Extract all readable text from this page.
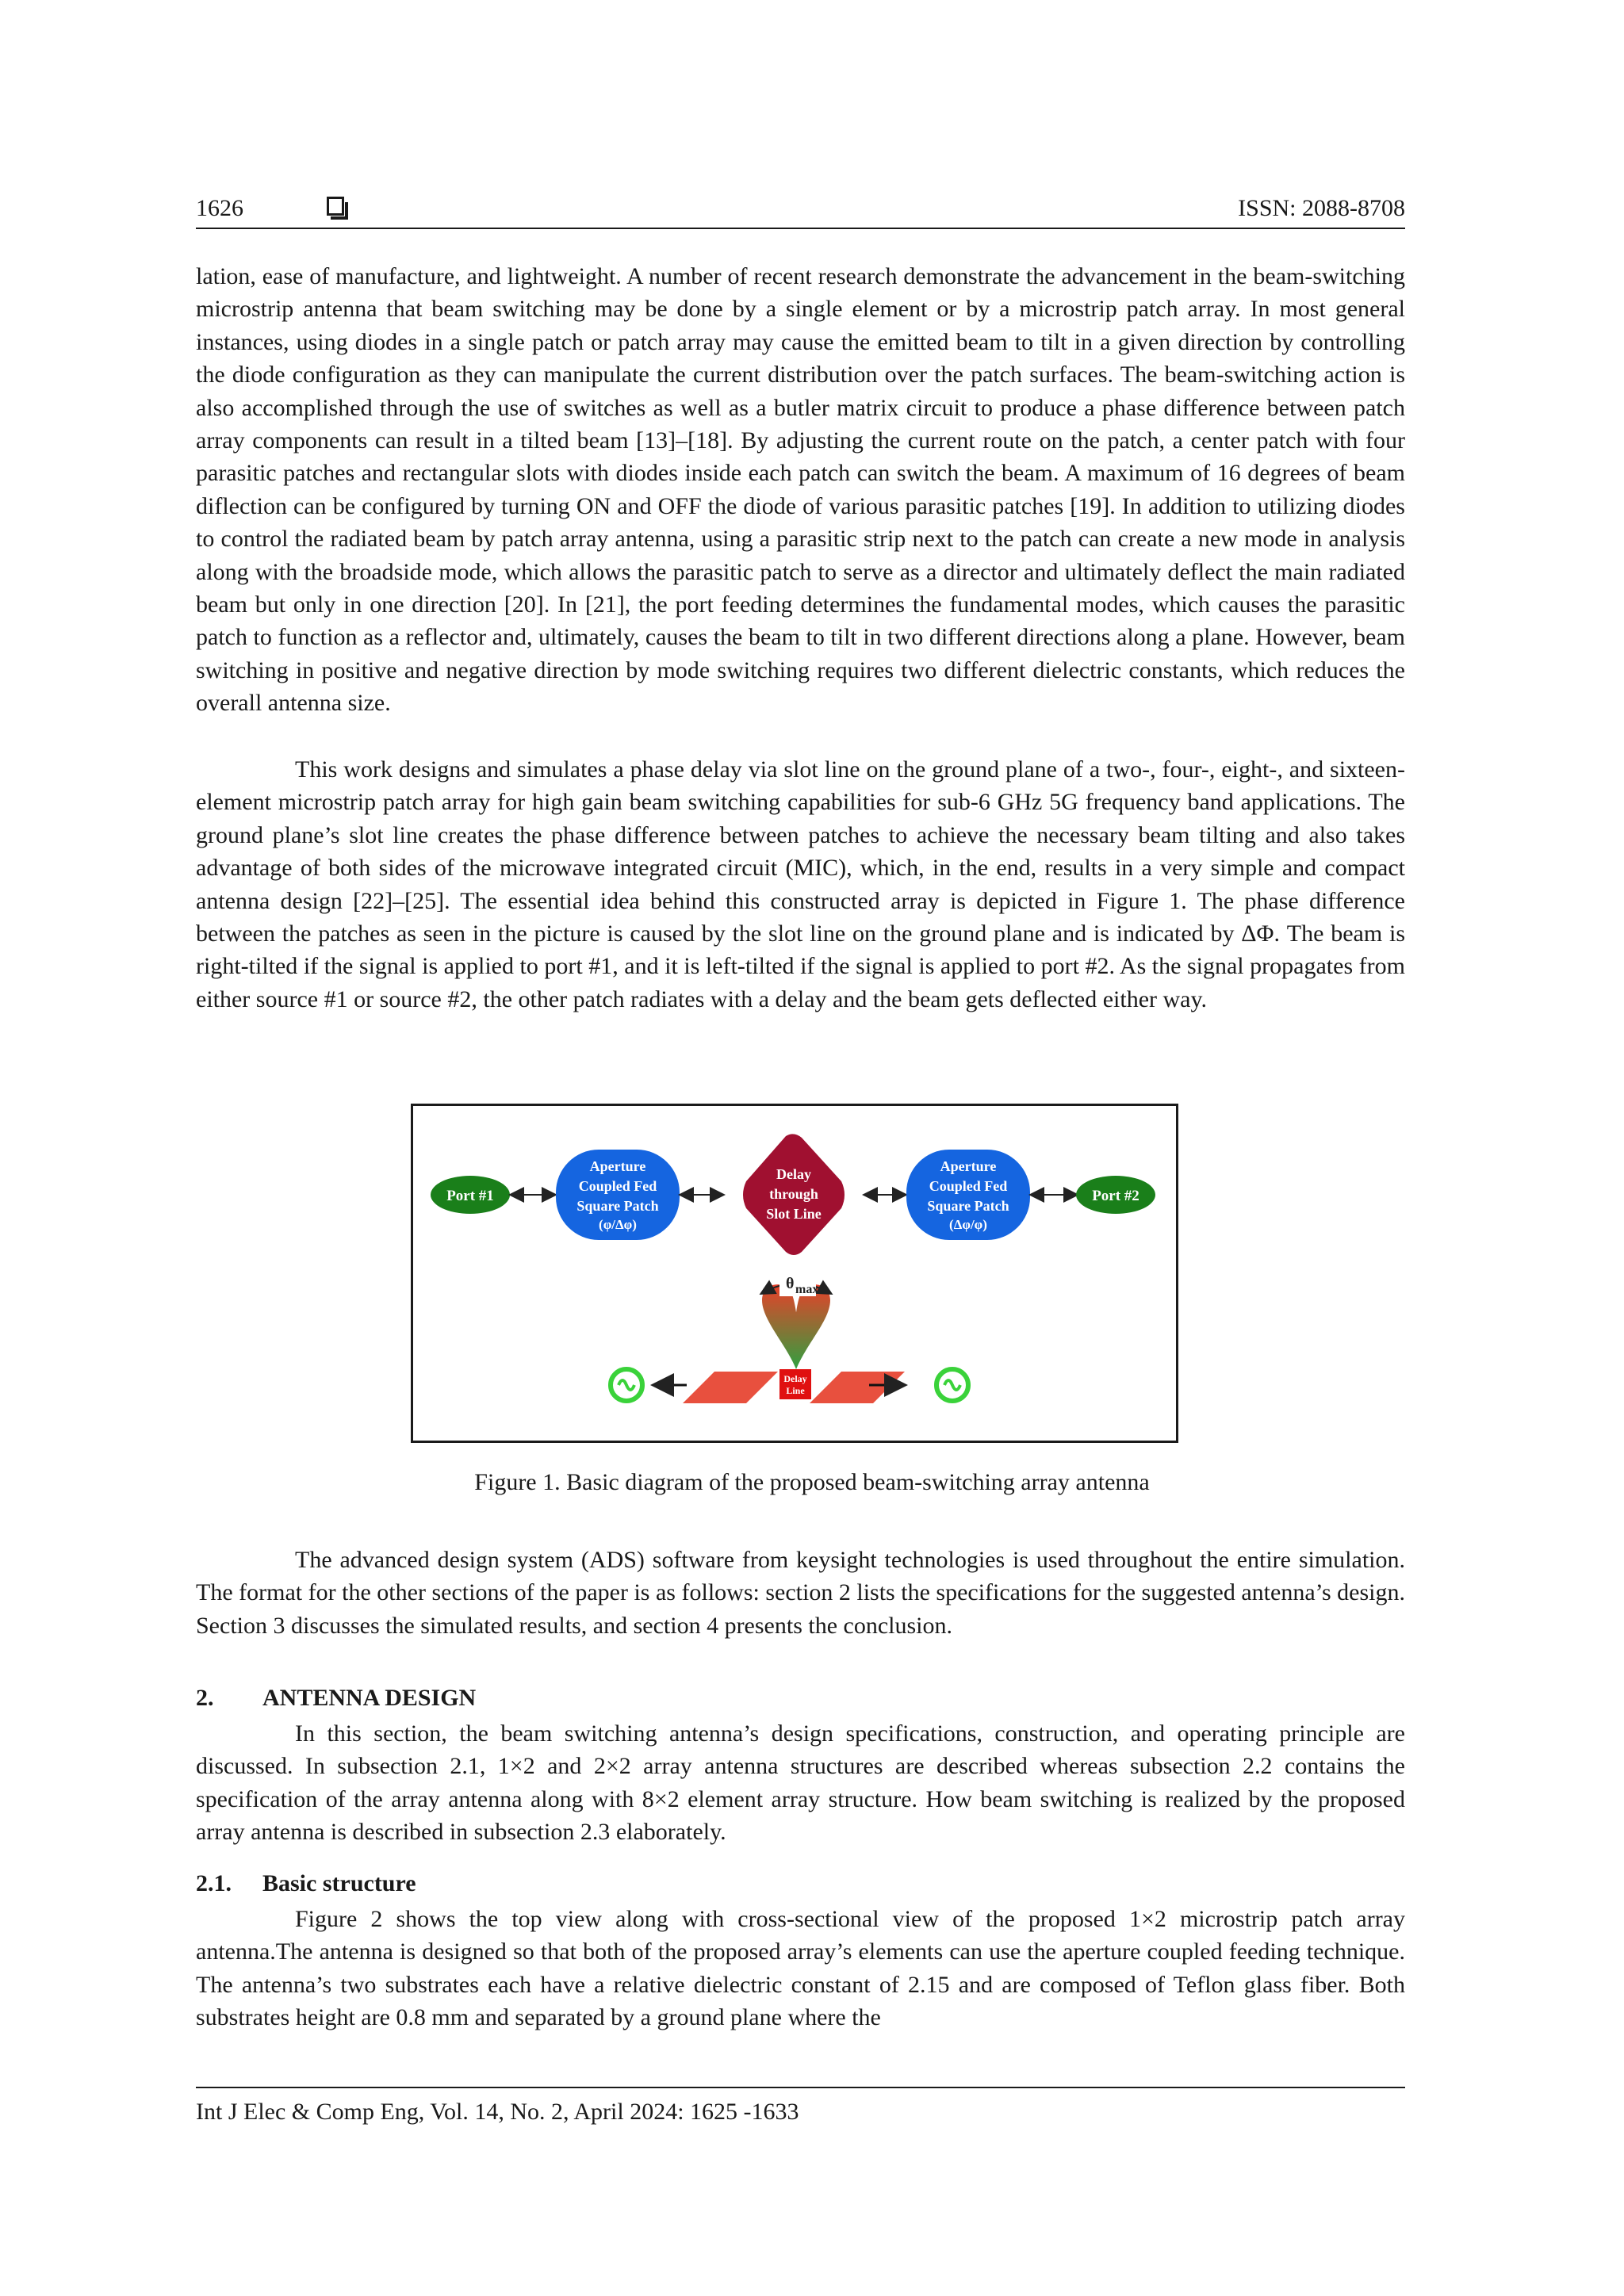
1626	ISSN: 2088-8708

lation, ease of manufacture, and lightweight. A number of recent research demonstrate the advancement in the beam-switching microstrip antenna that beam switching may be done by a single element or by a microstrip patch array. In most general instances, using diodes in a single patch or patch array may cause the emitted beam to tilt in a given direction by controlling the diode configuration as they can manipulate the current distribution over the patch surfaces. The beam-switching action is also accomplished through the use of switches as well as a butler matrix circuit to produce a phase difference between patch array components can result in a tilted beam [13]–[18]. By adjusting the current route on the patch, a center patch with four parasitic patches and rectangular slots with diodes inside each patch can switch the beam. A maximum of 16 degrees of beam diflection can be configured by turning ON and OFF the diode of various parasitic patches [19]. In addition to utilizing diodes to control the radiated beam by patch array antenna, using a parasitic strip next to the patch can create a new mode in analysis along with the broadside mode, which allows the parasitic patch to serve as a director and ultimately deflect the main radiated beam but only in one direction [20]. In [21], the port feeding determines the fundamental modes, which causes the parasitic patch to function as a reflector and, ultimately, causes the beam to tilt in two different directions along a plane. However, beam switching in positive and negative direction by mode switching requires two different dielectric constants, which reduces the overall antenna size.

This work designs and simulates a phase delay via slot line on the ground plane of a two-, four-, eight-, and sixteen-element microstrip patch array for high gain beam switching capabilities for sub-6 GHz 5G frequency band applications. The ground plane’s slot line creates the phase difference between patches to achieve the necessary beam tilting and also takes advantage of both sides of the microwave integrated circuit (MIC), which, in the end, results in a very simple and compact antenna design [22]–[25]. The essential idea behind this constructed array is depicted in Figure 1. The phase difference between the patches as seen in the picture is caused by the slot line on the ground plane and is indicated by ΔΦ. The beam is right-tilted if the signal is applied to port #1, and it is left-tilted if the signal is applied to port #2. As the signal propagates from either source #1 or source #2, the other patch radiates with a delay and the beam gets deflected either way.

Port #1
Aperture
Coupled Fed
Square Patch
(φ/Δφ)
Delay
through
Slot Line
Aperture
Coupled Fed
Square Patch
(Δφ/φ)
Port #2
θ max
Delay
Line

Figure 1. Basic diagram of the proposed beam-switching array antenna

The advanced design system (ADS) software from keysight technologies is used throughout the entire simulation. The format for the other sections of the paper is as follows: section 2 lists the specifications for the suggested antenna’s design. Section 3 discusses the simulated results, and section 4 presents the conclusion.

2. ANTENNA DESIGN

In this section, the beam switching antenna’s design specifications, construction, and operating principle are discussed. In subsection 2.1, 1×2 and 2×2 array antenna structures are described whereas subsection 2.2 contains the specification of the array antenna along with 8×2 element array structure. How beam switching is realized by the proposed array antenna is described in subsection 2.3 elaborately.

2.1. Basic structure

Figure 2 shows the top view along with cross-sectional view of the proposed 1×2 microstrip patch array antenna.The antenna is designed so that both of the proposed array’s elements can use the aperture coupled feeding technique. The antenna’s two substrates each have a relative dielectric constant of 2.15 and are composed of Teflon glass fiber. Both substrates height are 0.8 mm and separated by a ground plane where the

Int J Elec & Comp Eng, Vol. 14, No. 2, April 2024: 1625 -1633
